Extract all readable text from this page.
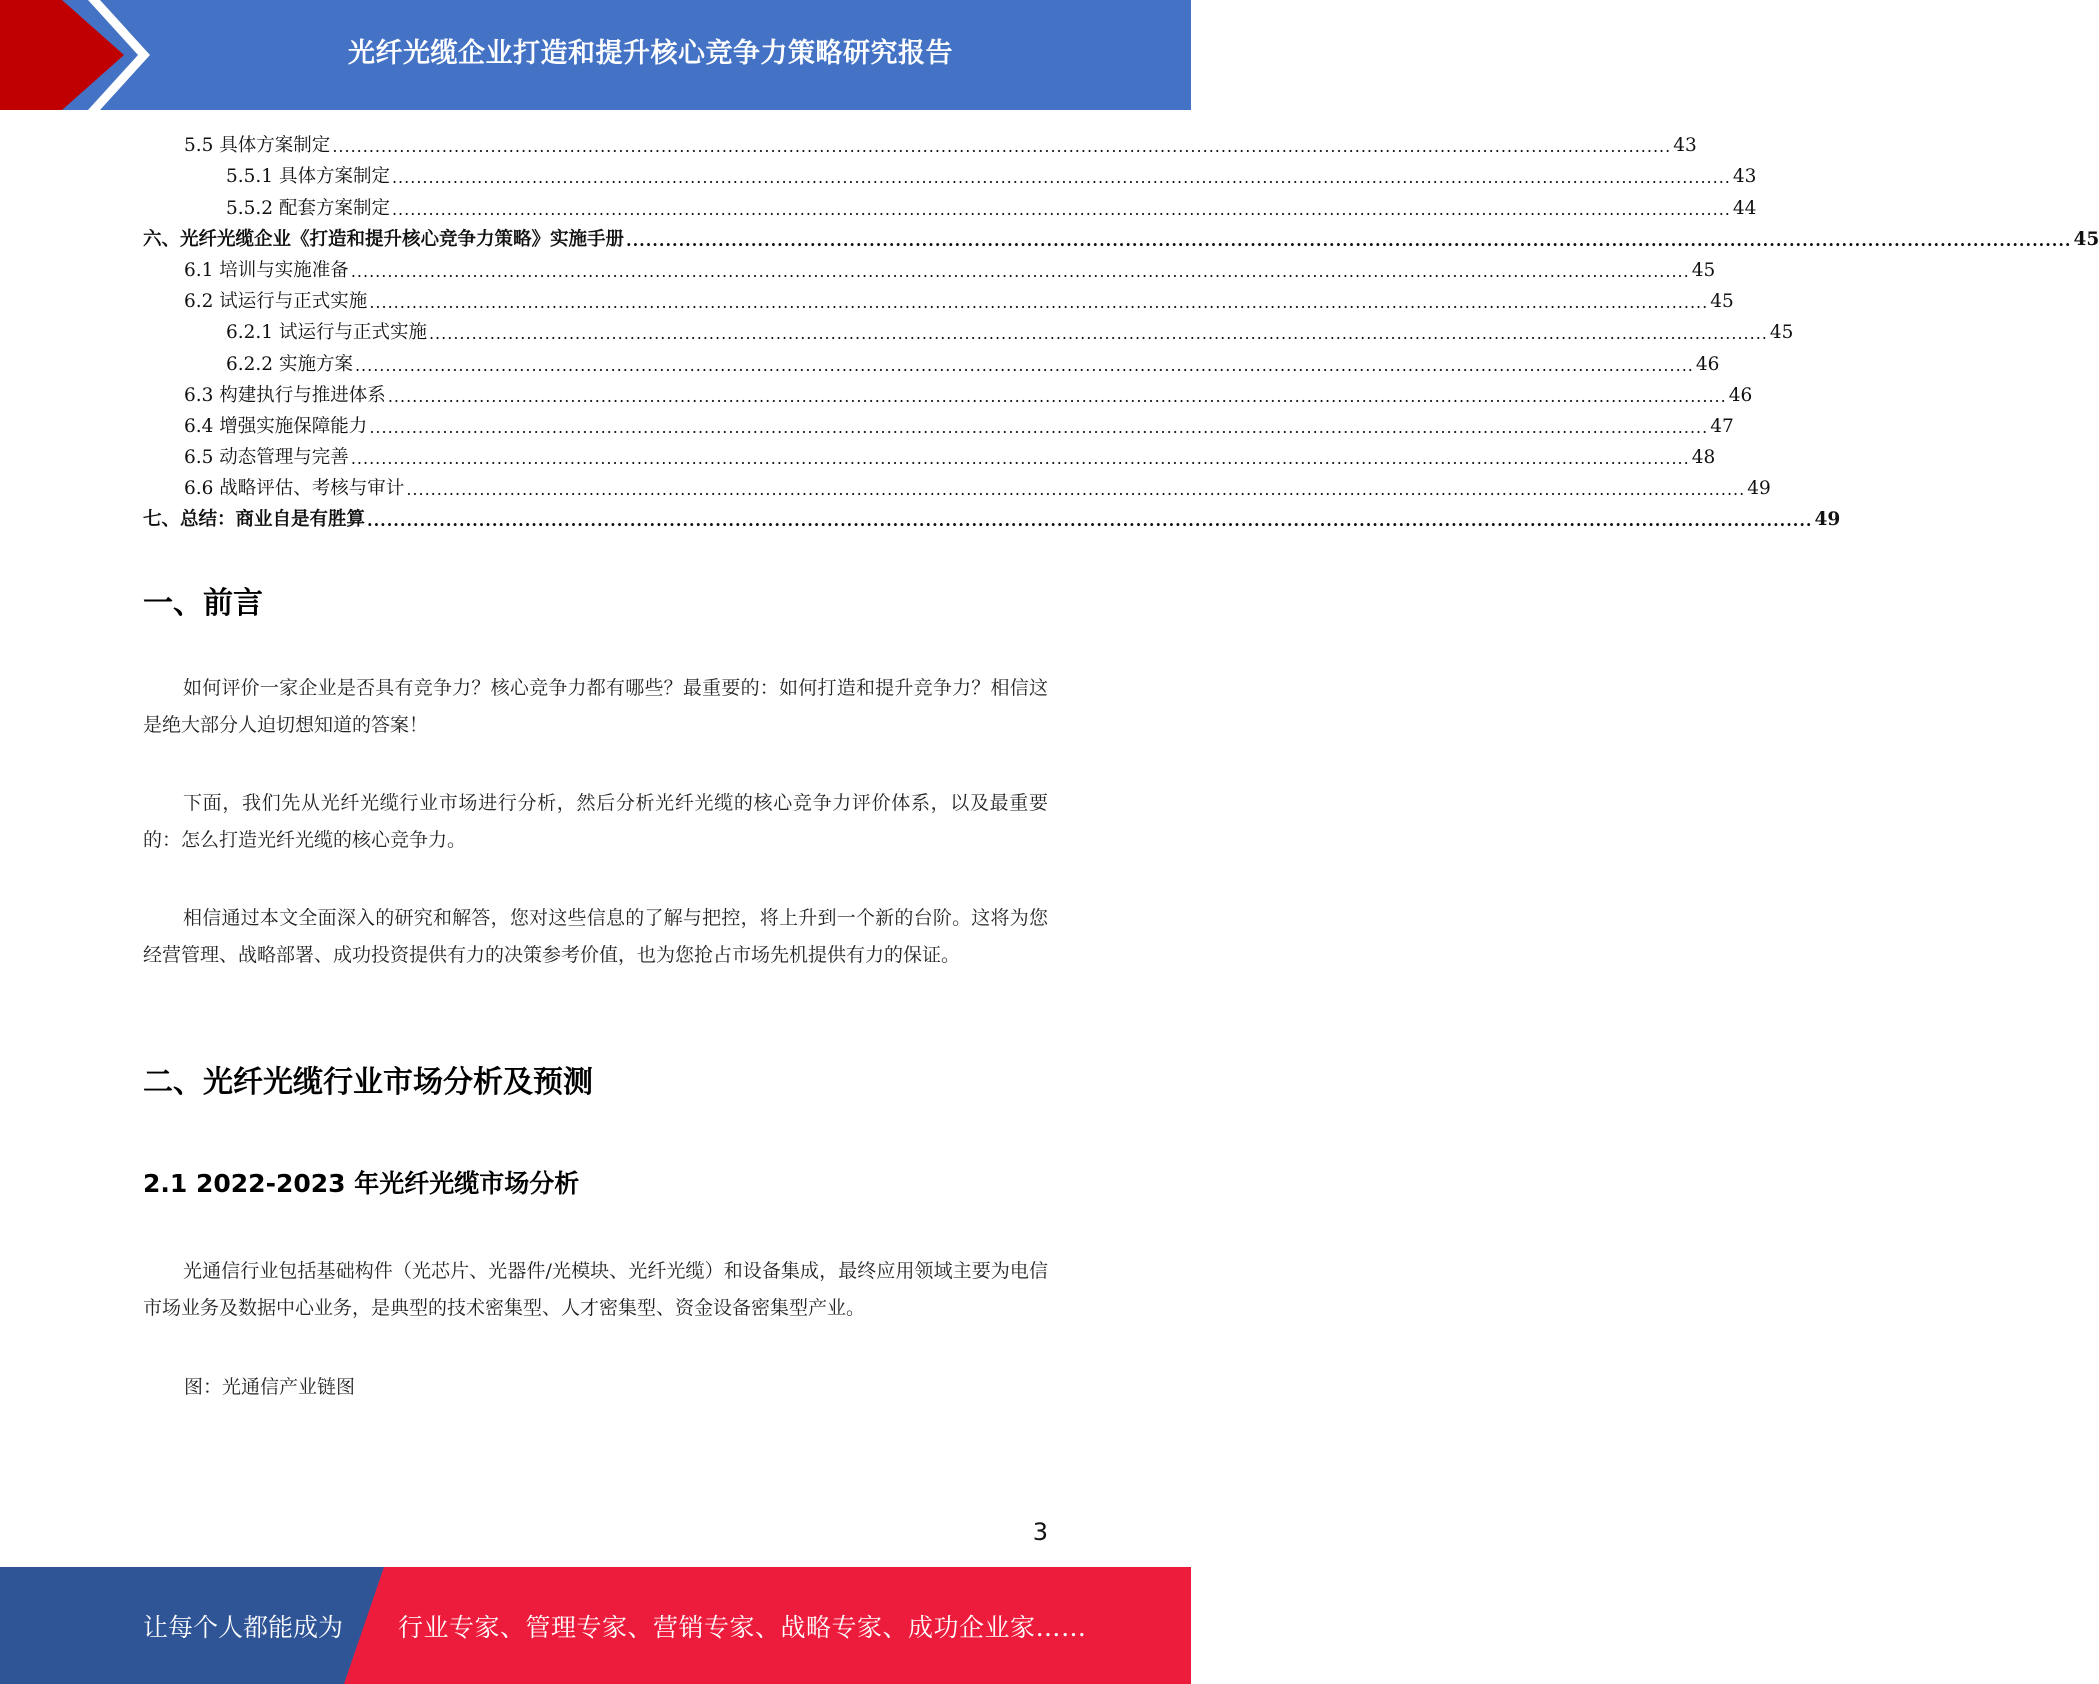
光纤光缆企业打造和提升核心竞争力策略研究报告
5.5 具体方案制定 ............................................................................................................................................................................................................................ 43
5.5.1 具体方案制定 ............................................................................................................................................................................................................................ 43
5.5.2 配套方案制定 ............................................................................................................................................................................................................................ 44
六、光纤光缆企业《打造和提升核心竞争力策略》实施手册 ............................................................................................................................................................................................................................ 45
6.1 培训与实施准备 ............................................................................................................................................................................................................................ 45
6.2 试运行与正式实施 ............................................................................................................................................................................................................................ 45
6.2.1 试运行与正式实施 ............................................................................................................................................................................................................................ 45
6.2.2 实施方案 ............................................................................................................................................................................................................................ 46
6.3 构建执行与推进体系 ............................................................................................................................................................................................................................ 46
6.4 增强实施保障能力 ............................................................................................................................................................................................................................ 47
6.5 动态管理与完善 ............................................................................................................................................................................................................................ 48
6.6 战略评估、考核与审计 ............................................................................................................................................................................................................................ 49
七、总结：商业自是有胜算 ............................................................................................................................................................................................................................ 49
一、前言
如何评价一家企业是否具有竞争力？核心竞争力都有哪些？最重要的：如何打造和提升竞争力？相信这是绝大部分人迫切想知道的答案！
下面，我们先从光纤光缆行业市场进行分析，然后分析光纤光缆的核心竞争力评价体系，以及最重要的：怎么打造光纤光缆的核心竞争力。
相信通过本文全面深入的研究和解答，您对这些信息的了解与把控，将上升到一个新的台阶。这将为您经营管理、战略部署、成功投资提供有力的决策参考价值，也为您抢占市场先机提供有力的保证。
二、光纤光缆行业市场分析及预测
2.1 2022-2023 年光纤光缆市场分析
光通信行业包括基础构件（光芯片、光器件/光模块、光纤光缆）和设备集成，最终应用领域主要为电信市场业务及数据中心业务，是典型的技术密集型、人才密集型、资金设备密集型产业。
图：光通信产业链图
3
让每个人都能成为 行业专家、管理专家、营销专家、战略专家、成功企业家……
